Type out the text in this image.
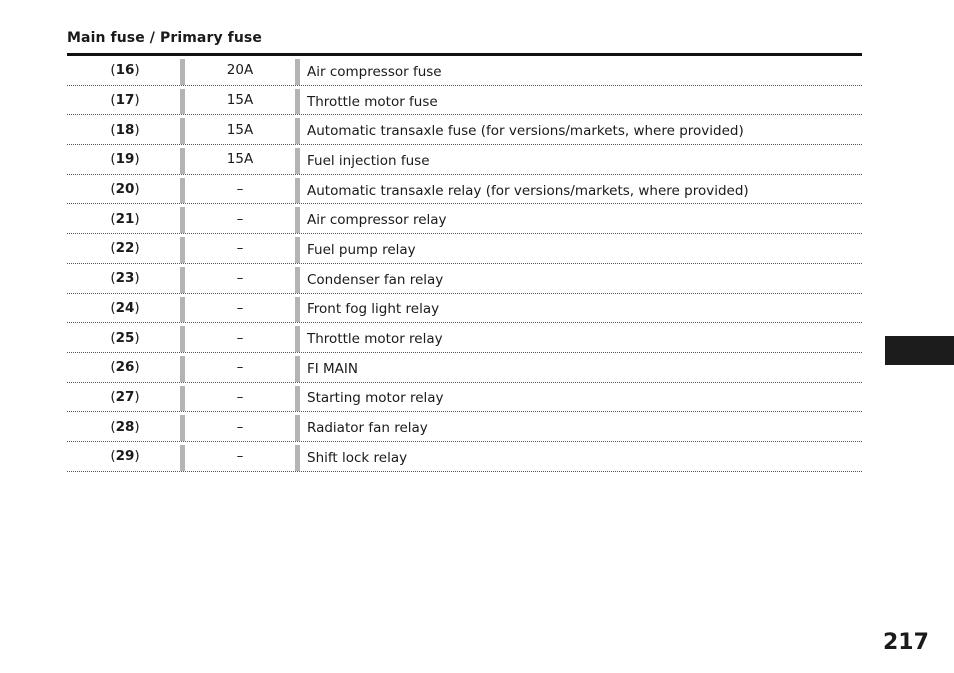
Main fuse / Primary fuse
( 16 )	20A	Air compressor fuse
( 17 )	15A	Throttle motor fuse
( 18 )	15A	Automatic transaxle fuse (for versions/markets, where provided)
( 19 )	15A	Fuel injection fuse
( 20 )	–	Automatic transaxle relay (for versions/markets, where provided)
( 21 )	–	Air compressor relay
( 22 )	–	Fuel pump relay
( 23 )	–	Condenser fan relay
( 24 )	–	Front fog light relay
( 25 )	–	Throttle motor relay
( 26 )	–	FI MAIN
( 27 )	–	Starting motor relay
( 28 )	–	Radiator fan relay
( 29 )	–	Shift lock relay
217
